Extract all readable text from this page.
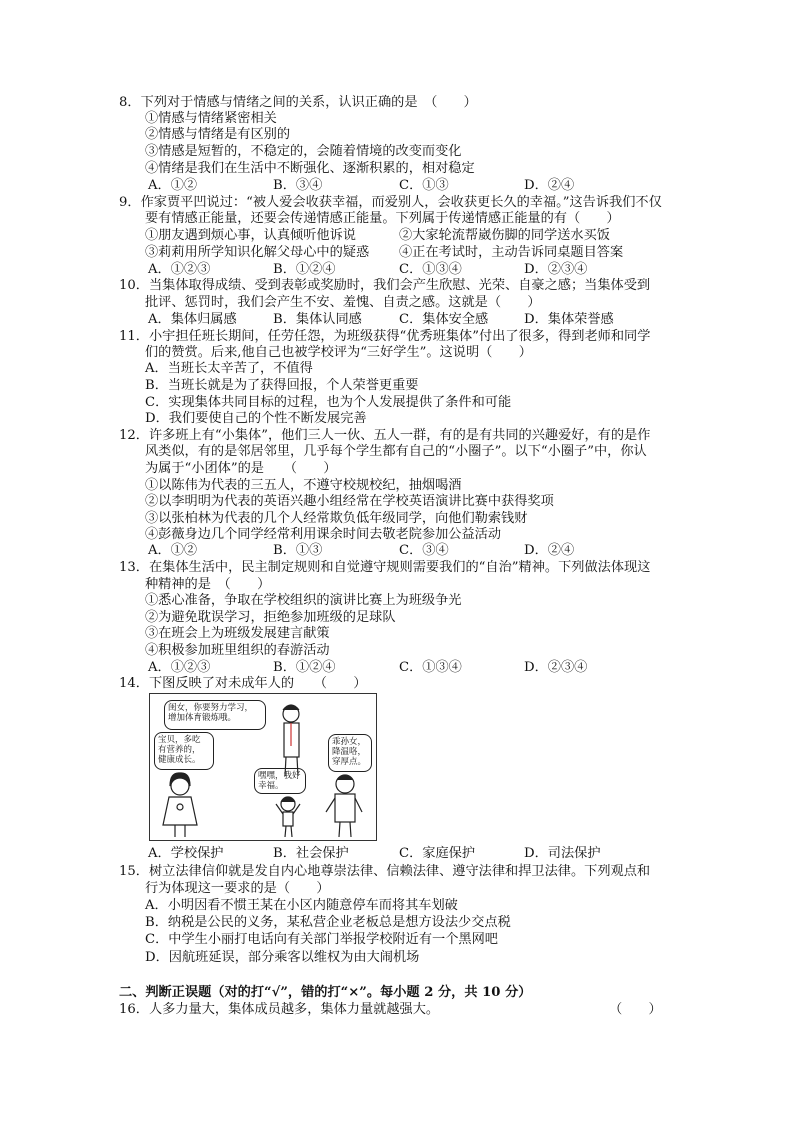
8．下列对于情感与情绪之间的关系，认识正确的是　（　　）
①情感与情绪紧密相关
②情感与情绪是有区别的
③情感是短暂的，不稳定的，会随着情境的改变而变化
④情绪是我们在生活中不断强化、逐渐积累的，相对稳定
A．①②	B．③④	C．①③	D．②④
9．作家贾平凹说过：“被人爱会收获幸福，而爱别人，会收获更长久的幸福。”这告诉我们不仅
要有情感正能量，还要会传递情感正能量。下列属于传递情感正能量的有（　　）
①朋友遇到烦心事，认真倾听他诉说	②大家轮流帮崴伤脚的同学送水买饭
③莉莉用所学知识化解父母心中的疑惑 ④正在考试时，主动告诉同桌题目答案
A．①②③	B．①②④	C．①③④	D．②③④
10．当集体取得成绩、受到表彰或奖励时，我们会产生欣慰、光荣、自豪之感；当集体受到
批评、惩罚时，我们会产生不安、羞愧、自责之感。这就是（　　）
A．集体归属感	B．集体认同感	C．集体安全感	D．集体荣誉感
11．小宇担任班长期间，任劳任怨，为班级获得“优秀班集体”付出了很多，得到老师和同学
们的赞赏。后来,他自己也被学校评为“三好学生”。这说明（　　）
A．当班长太辛苦了，不值得
B．当班长就是为了获得回报，个人荣誉更重要
C．实现集体共同目标的过程，也为个人发展提供了条件和可能
D．我们要使自己的个性不断发展完善
12．许多班上有“小集体”，他们三人一伙、五人一群，有的是有共同的兴趣爱好，有的是作
风类似，有的是邻居邻里，几乎每个学生都有自己的“小圈子”。以下“小圈子”中，你认
为属于“小团体”的是　　（　　）
①以陈伟为代表的三五人，不遵守校规校纪，抽烟喝酒
②以李明明为代表的英语兴趣小组经常在学校英语演讲比赛中获得奖项
③以张柏林为代表的几个人经常欺负低年级同学，向他们勒索钱财
④彭薇身边几个同学经常利用课余时间去敬老院参加公益活动
A．①②	B．①③	C．③④	D．②④
13．在集体生活中，民主制定规则和自觉遵守规则需要我们的“自治”精神。下列做法体现这
种精神的是　（　　）
①悉心准备，争取在学校组织的演讲比赛上为班级争光
②为避免耽误学习，拒绝参加班级的足球队
③在班会上为班级发展建言献策
④积极参加班里组织的春游活动
A．①②③	B．①②④	C．①③④	D．②③④
14．下图反映了对未成年人的　　（　　）
闺女，你要努力学习，
增加体育锻炼哦。
宝贝，多吃
有营养的，
健康成长。
乖孙女，
降温咯，
穿厚点。
嘿嘿，我好
幸福。
A．学校保护	B．社会保护	C．家庭保护	D．司法保护
15．树立法律信仰就是发自内心地尊崇法律、信赖法律、遵守法律和捍卫法律。下列观点和
行为体现这一要求的是（　　）
A．小明因看不惯王某在小区内随意停车而将其车划破
B．纳税是公民的义务，某私营企业老板总是想方设法少交点税
C．中学生小丽打电话向有关部门举报学校附近有一个黑网吧
D．因航班延误，部分乘客以维权为由大闹机场
二、判断正误题（对的打“√”，错的打“×”。每小题 2 分，共 10 分）
16．人多力量大，集体成员越多，集体力量就越强大。	（　　）
